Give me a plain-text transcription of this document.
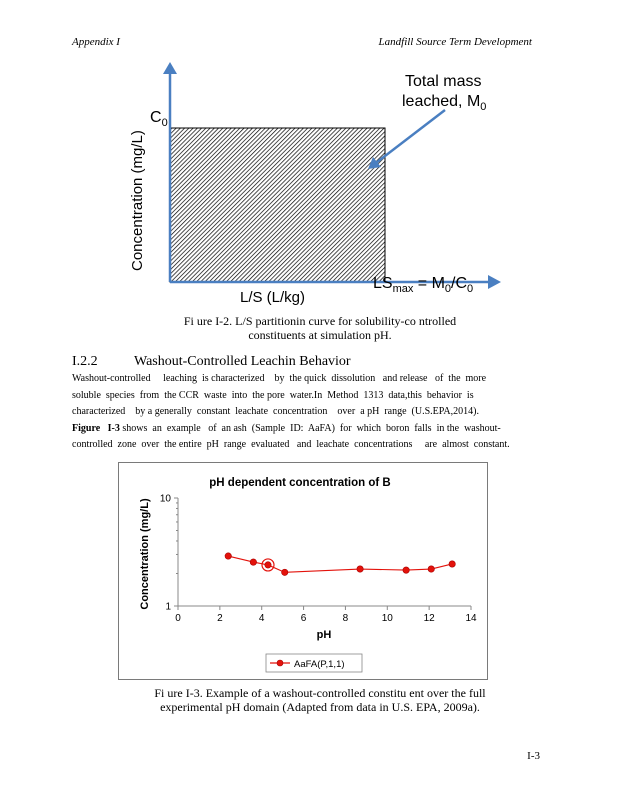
Appendix I	Landfill Source Term Development
$C_0$
Total mass
leached, $M_0$
$LS_{max} = M_0/C_0$
L/S (L/kg)
Concentration (mg/L)
Fi ure I-2. L/S partitionin curve for solubility-co ntrolled
constituents at simulation pH.
I.2.2	Washout-Controlled Leachin Behavior
Washout-controlled     leaching  is characterized    by  the quick  dissolution   and release   of  the  more
soluble  species  from  the CCR  waste  into  the pore  water.In  Method  1313  data,this  behavior  is
characterized    by a generally  constant  leachate  concentration    over  a pH  range  (U.S.EPA,2014).
Figure   I-3 shows  an  example   of  an ash  (Sample  ID:  AaFA)  for  which  boron  falls  in the  washout-
controlled  zone  over  the entire  pH  range  evaluated   and  leachate  concentrations     are  almost  constant.
pH dependent concentration of B
Concentration (mg/L)
pH
0	2	4	6	8	10	12	14
1
10
AaFA(P,1,1)
Fi ure I-3. Example of a washout-controlled constitu ent over the full
experimental pH domain (Adapted from data in U.S. EPA, 2009a).
I-3
